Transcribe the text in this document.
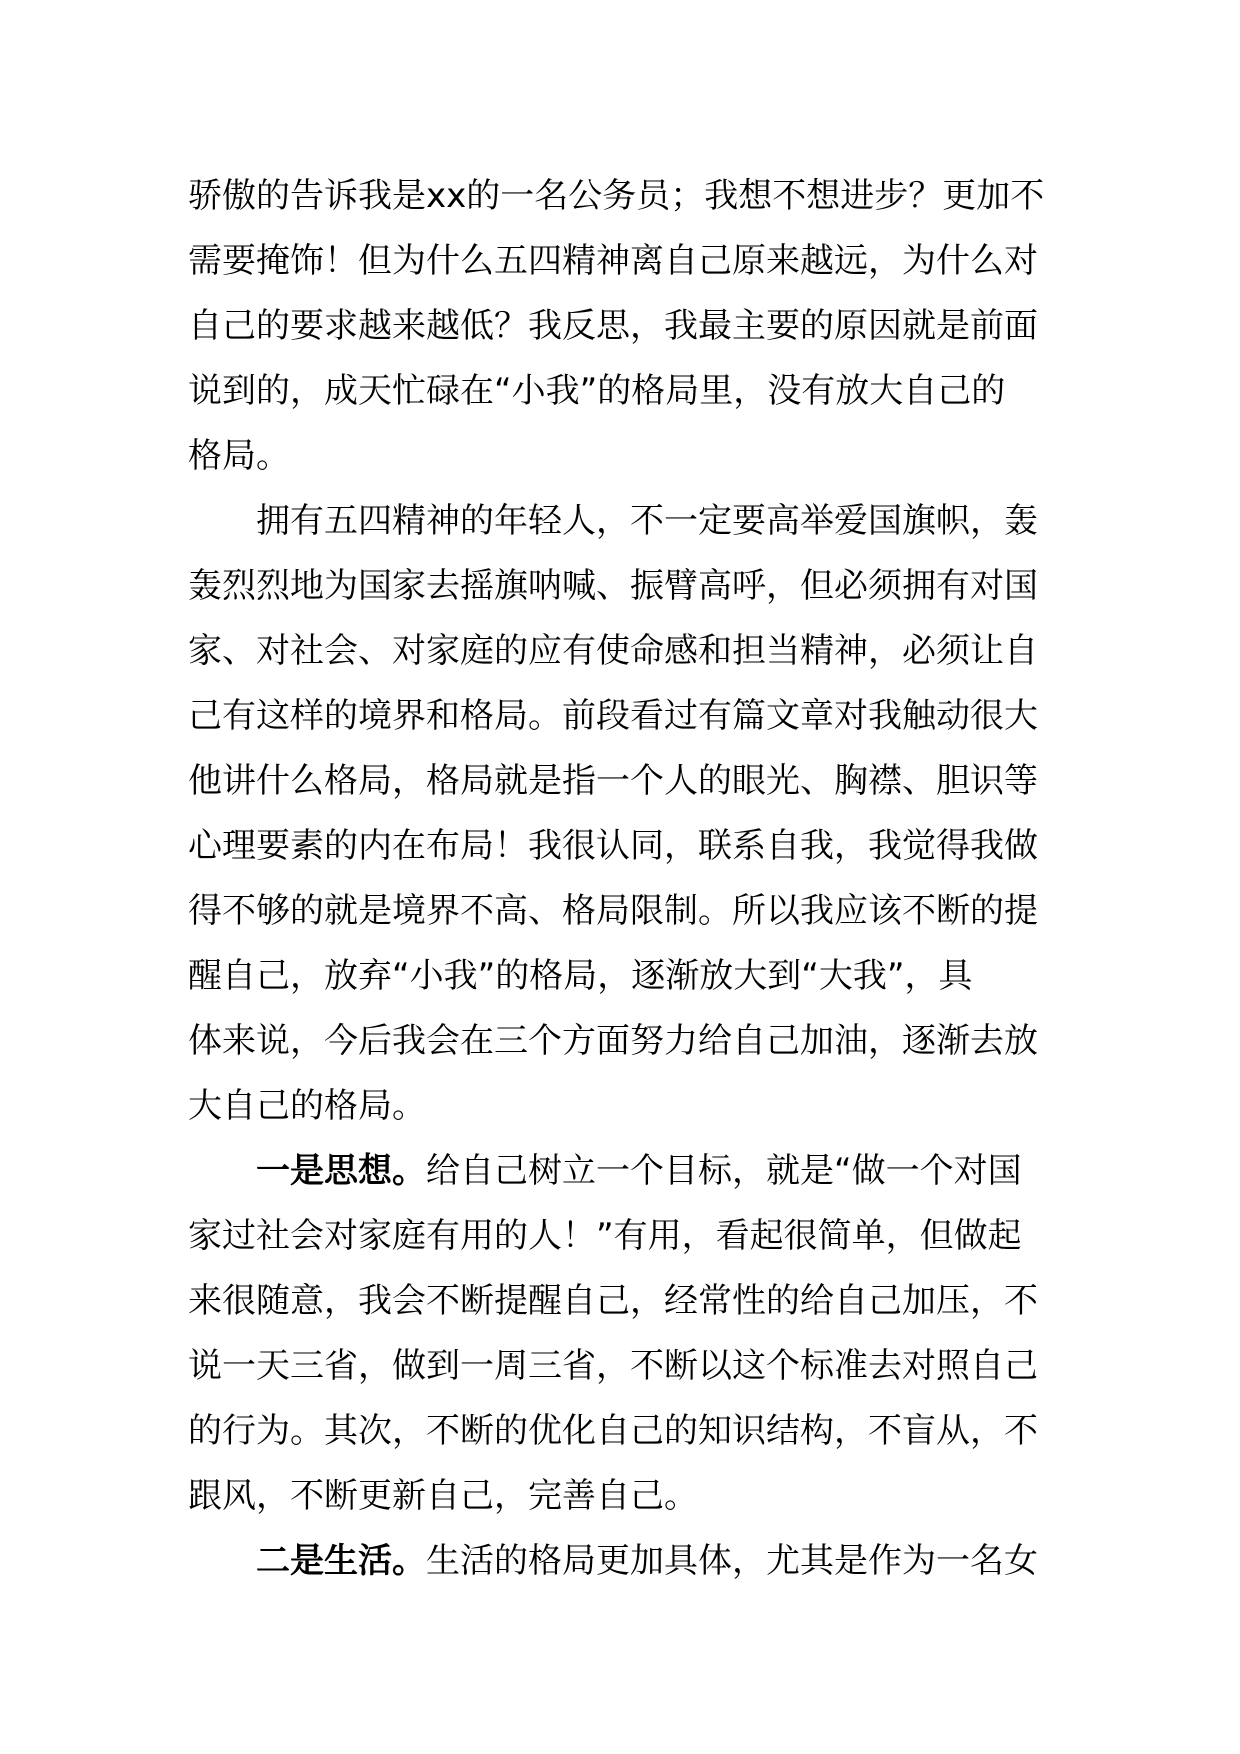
骄傲的告诉我是xx的一名公务员；我想不想进步？更加不
需要掩饰！但为什么五四精神离自己原来越远，为什么对
自己的要求越来越低？我反思，我最主要的原因就是前面
说到的，成天忙碌在“小我”的格局里，没有放大自己的
格局。
拥有五四精神的年轻人，不一定要高举爱国旗帜，轰
轰烈烈地为国家去摇旗呐喊、振臂高呼，但必须拥有对国
家、对社会、对家庭的应有使命感和担当精神，必须让自
己有这样的境界和格局。前段看过有篇文章对我触动很大
他讲什么格局，格局就是指一个人的眼光、胸襟、胆识等
心理要素的内在布局！我很认同，联系自我，我觉得我做
得不够的就是境界不高、格局限制。所以我应该不断的提
醒自己，放弃“小我”的格局，逐渐放大到“大我”，具
体来说，今后我会在三个方面努力给自己加油，逐渐去放
大自己的格局。
一是思想。给自己树立一个目标，就是“做一个对国
家过社会对家庭有用的人！”有用，看起很简单，但做起
来很随意，我会不断提醒自己，经常性的给自己加压，不
说一天三省，做到一周三省，不断以这个标准去对照自己
的行为。其次，不断的优化自己的知识结构，不盲从，不
跟风，不断更新自己，完善自己。
二是生活。生活的格局更加具体，尤其是作为一名女
